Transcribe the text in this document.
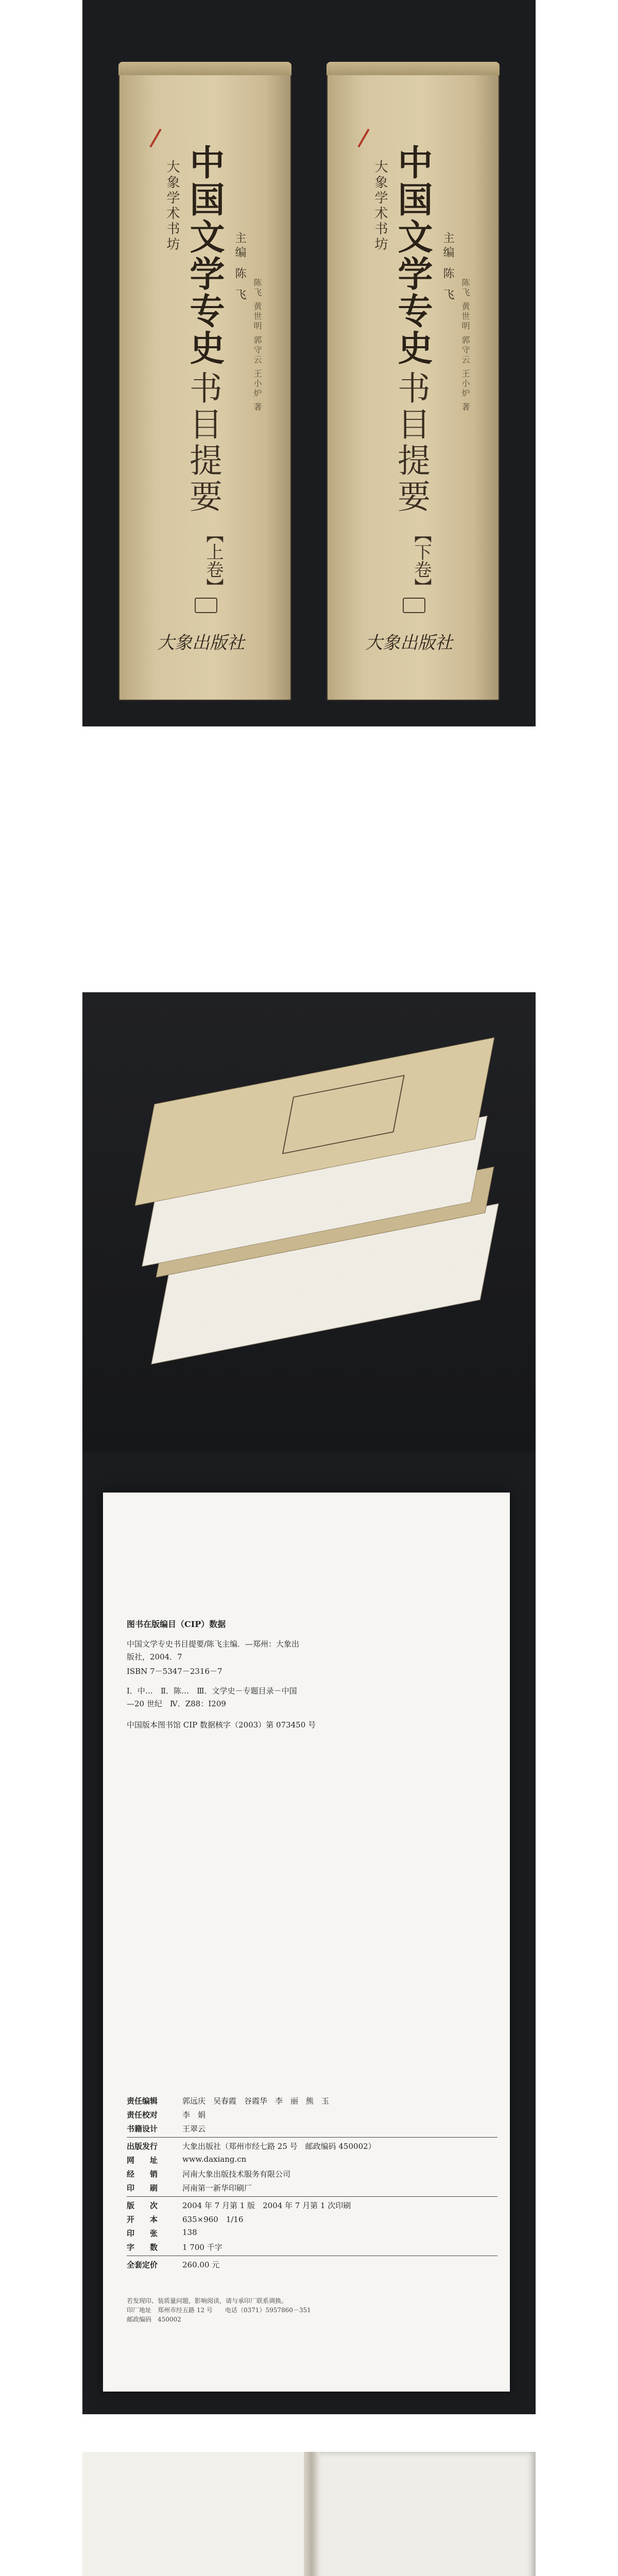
大象学术书坊 中国文学专史 主编 陈 飞
陈飞 黄世明 郭守云 王小炉 著
书目提要
【上卷】
大象出版社
大象学术书坊 中国文学专史 主编 陈 飞
陈飞 黄世明 郭守云 王小炉 著
书目提要
【下卷】
大象出版社
图书在版编目（CIP）数据
中国文学专史书目提要/陈飞主编．—郑州：大象出
版社，2004．7
ISBN 7－5347－2316－7
Ⅰ．中…　Ⅱ．陈…　Ⅲ．文学史－专题目录－中国
—20 世纪　Ⅳ．Z88：I209
中国版本图书馆 CIP 数据核字（2003）第 073450 号
责任编辑	郭远庆　吴春霞　谷霞华　李　丽　熊　玉
责任校对	李　娟
书籍设计	王翠云
出版发行	大象出版社（郑州市经七路 25 号　邮政编码 450002）
网　　址	www.daxiang.cn
经　　销	河南大象出版技术服务有限公司
印　　刷	河南第一新华印刷厂
版　　次	2004 年 7 月第 1 版　2004 年 7 月第 1 次印刷
开　　本	635×960　1/16
印　　张	138
字　　数	1 700 千字
全套定价	260.00 元
若发现印、装质量问题，影响阅读，请与承印厂联系调换。
印厂地址　郑州市经五路 12 号　　电话（0371）5957860－351
邮政编码　450002
